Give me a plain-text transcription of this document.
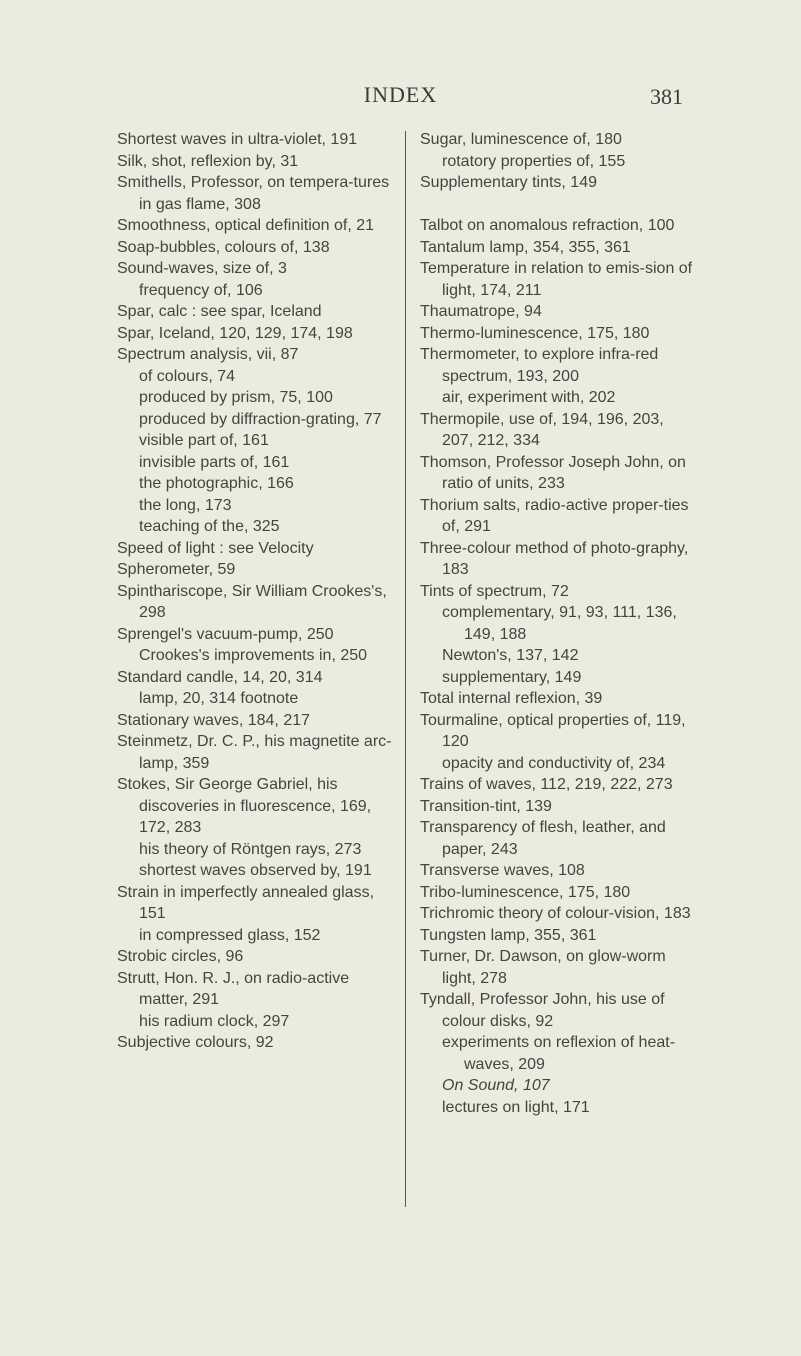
INDEX	381
Shortest waves in ultra-violet, 191
Silk, shot, reflexion by, 31
Smithells, Professor, on tempera-tures in gas flame, 308
Smoothness, optical definition of, 21
Soap-bubbles, colours of, 138
Sound-waves, size of, 3
frequency of, 106
Spar, calc : see spar, Iceland
Spar, Iceland, 120, 129, 174, 198
Spectrum analysis, vii, 87
of colours, 74
produced by prism, 75, 100
produced by diffraction-grating, 77
visible part of, 161
invisible parts of, 161
the photographic, 166
the long, 173
teaching of the, 325
Speed of light : see Velocity
Spherometer, 59
Spinthariscope, Sir William Crookes's, 298
Sprengel's vacuum-pump, 250
Crookes's improvements in, 250
Standard candle, 14, 20, 314
lamp, 20, 314 footnote
Stationary waves, 184, 217
Steinmetz, Dr. C. P., his magnetite arc-lamp, 359
Stokes, Sir George Gabriel, his discoveries in fluorescence, 169, 172, 283
his theory of Röntgen rays, 273
shortest waves observed by, 191
Strain in imperfectly annealed glass, 151
in compressed glass, 152
Strobic circles, 96
Strutt, Hon. R. J., on radio-active matter, 291
his radium clock, 297
Subjective colours, 92
Sugar, luminescence of, 180
rotatory properties of, 155
Supplementary tints, 149
Talbot on anomalous refraction, 100
Tantalum lamp, 354, 355, 361
Temperature in relation to emis-sion of light, 174, 211
Thaumatrope, 94
Thermo-luminescence, 175, 180
Thermometer, to explore infra-red spectrum, 193, 200
air, experiment with, 202
Thermopile, use of, 194, 196, 203, 207, 212, 334
Thomson, Professor Joseph John, on ratio of units, 233
Thorium salts, radio-active proper-ties of, 291
Three-colour method of photo-graphy, 183
Tints of spectrum, 72
complementary, 91, 93, 111, 136, 149, 188
Newton's, 137, 142
supplementary, 149
Total internal reflexion, 39
Tourmaline, optical properties of, 119, 120
opacity and conductivity of, 234
Trains of waves, 112, 219, 222, 273
Transition-tint, 139
Transparency of flesh, leather, and paper, 243
Transverse waves, 108
Tribo-luminescence, 175, 180
Trichromic theory of colour-vision, 183
Tungsten lamp, 355, 361
Turner, Dr. Dawson, on glow-worm light, 278
Tyndall, Professor John, his use of colour disks, 92
experiments on reflexion of heat-waves, 209
On Sound, 107
lectures on light, 171
